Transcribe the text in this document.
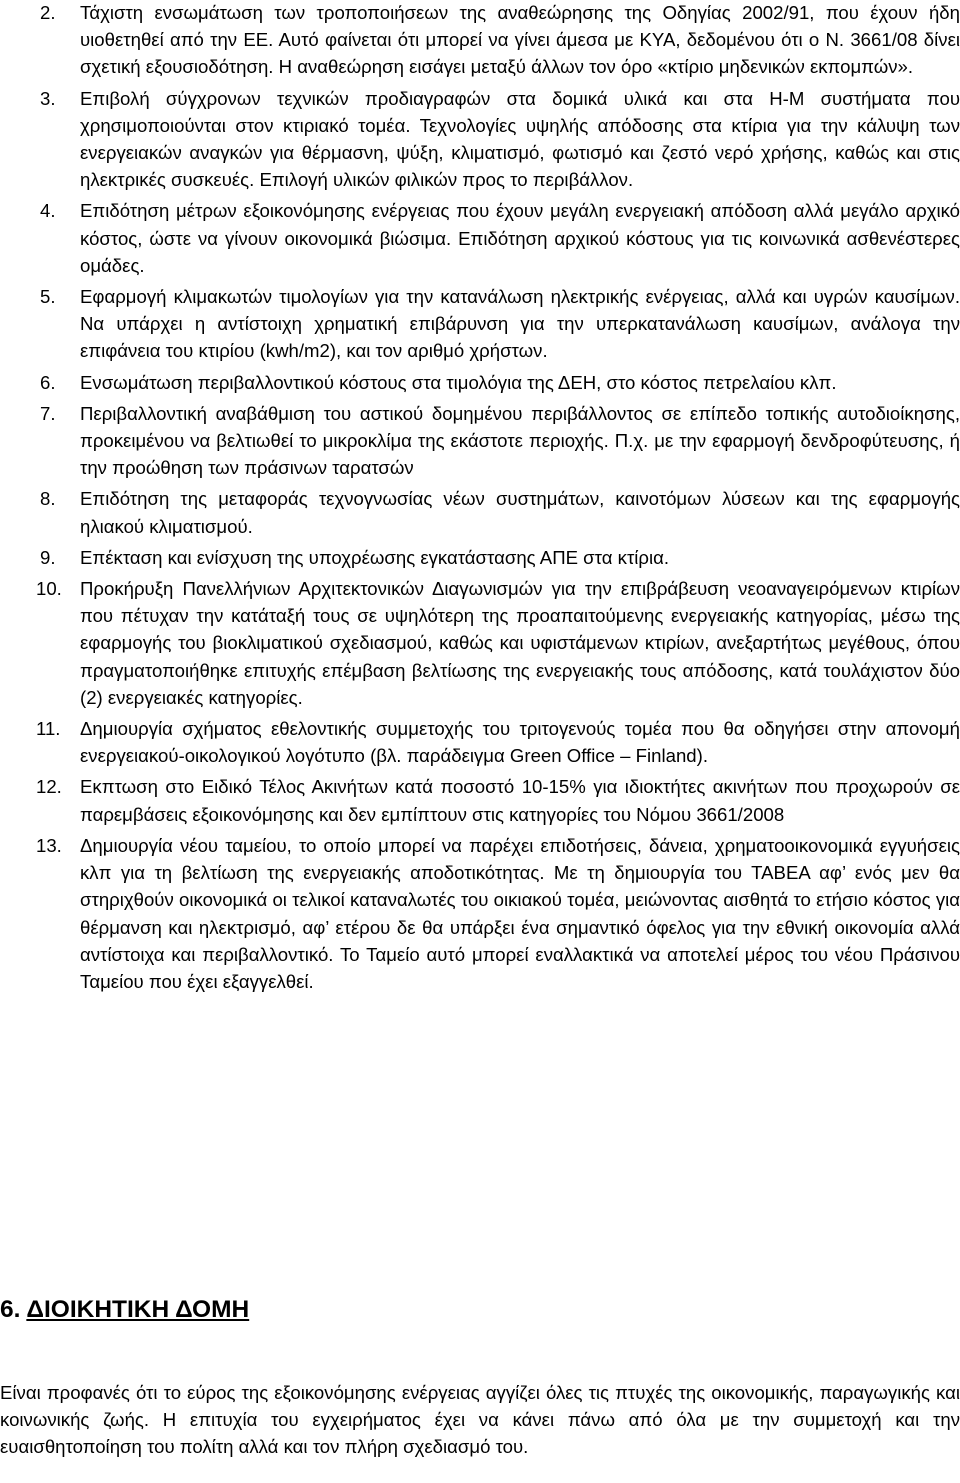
2. Τάχιστη ενσωμάτωση των τροποποιήσεων της αναθεώρησης της Οδηγίας 2002/91, που έχουν ήδη υιοθετηθεί από την ΕΕ. Αυτό φαίνεται ότι μπορεί να γίνει άμεσα με ΚΥΑ, δεδομένου ότι ο Ν. 3661/08 δίνει σχετική εξουσιοδότηση. Η αναθεώρηση εισάγει μεταξύ άλλων τον όρο «κτίριο μηδενικών εκπομπών».
3. Επιβολή σύγχρονων τεχνικών προδιαγραφών στα δομικά υλικά και στα Η-Μ συστήματα που χρησιμοποιούνται στον κτιριακό τομέα. Τεχνολογίες υψηλής απόδοσης στα κτίρια για την κάλυψη των ενεργειακών αναγκών για θέρμασνη, ψύξη, κλιματισμό, φωτισμό και ζεστό νερό χρήσης, καθώς και στις ηλεκτρικές συσκευές. Επιλογή υλικών φιλικών προς το περιβάλλον.
4. Επιδότηση μέτρων εξοικονόμησης ενέργειας που έχουν μεγάλη ενεργειακή απόδοση αλλά μεγάλο αρχικό κόστος, ώστε να γίνουν οικονομικά βιώσιμα. Επιδότηση αρχικού κόστους για τις κοινωνικά ασθενέστερες ομάδες.
5. Εφαρμογή κλιμακωτών τιμολογίων για την κατανάλωση ηλεκτρικής ενέργειας, αλλά και υγρών καυσίμων. Να υπάρχει η αντίστοιχη χρηματική επιβάρυνση για την υπερκατανάλωση καυσίμων, ανάλογα την επιφάνεια του κτιρίου (kwh/m2), και τον αριθμό χρήστων.
6. Ενσωμάτωση περιβαλλοντικού κόστους στα τιμολόγια της ΔΕΗ, στο κόστος πετρελαίου κλπ.
7. Περιβαλλοντική αναβάθμιση του αστικού δομημένου περιβάλλοντος σε επίπεδο τοπικής αυτοδιοίκησης, προκειμένου να βελτιωθεί το μικροκλίμα της εκάστοτε περιοχής. Π.χ. με την εφαρμογή δενδροφύτευσης, ή την προώθηση των πράσινων ταρατσών
8. Επιδότηση της μεταφοράς τεχνογνωσίας νέων συστημάτων, καινοτόμων λύσεων και της εφαρμογής ηλιακού κλιματισμού.
9. Επέκταση και ενίσχυση της υποχρέωσης εγκατάστασης ΑΠΕ στα κτίρια.
10. Προκήρυξη Πανελλήνιων Αρχιτεκτονικών Διαγωνισμών για την επιβράβευση νεοαναγειρόμενων κτιρίων που πέτυχαν την κατάταξή τους σε υψηλότερη της προαπαιτούμενης ενεργειακής κατηγορίας, μέσω της εφαρμογής του βιοκλιματικού σχεδιασμού, καθώς και υφιστάμενων κτιρίων, ανεξαρτήτως μεγέθους, όπου πραγματοποιήθηκε επιτυχής επέμβαση βελτίωσης της ενεργειακής τους απόδοσης, κατά τουλάχιστον δύο (2) ενεργειακές κατηγορίες.
11. Δημιουργία σχήματος εθελοντικής συμμετοχής του τριτογενούς τομέα που θα οδηγήσει στην απονομή ενεργειακού-οικολογικού λογότυπο (βλ. παράδειγμα Green Office – Finland).
12. Εκπτωση στο Ειδικό Τέλος Ακινήτων κατά ποσοστό 10-15% για ιδιοκτήτες ακινήτων που προχωρούν σε παρεμβάσεις εξοικονόμησης και δεν εμπίπτουν στις κατηγορίες του Νόμου 3661/2008
13. Δημιουργία νέου ταμείου, το οποίο μπορεί να παρέχει επιδοτήσεις, δάνεια, χρηματοοικονομικά εγγυήσεις κλπ για τη βελτίωση της ενεργειακής αποδοτικότητας. Με τη δημιουργία του ΤΑΒΕΑ αφ’ ενός μεν θα στηριχθούν οικονομικά οι τελικοί καταναλωτές του οικιακού τομέα, μειώνοντας αισθητά το ετήσιο κόστος για θέρμανση και ηλεκτρισμό, αφ’ ετέρου δε θα υπάρξει ένα σημαντικό όφελος για την εθνική οικονομία αλλά αντίστοιχα και περιβαλλοντικό. Το Ταμείο αυτό μπορεί εναλλακτικά να αποτελεί μέρος του νέου Πράσινου Ταμείου που έχει εξαγγελθεί.
6. ΔΙΟΙΚΗΤΙΚΗ ΔΟΜΗ

Είναι προφανές ότι το εύρος της εξοικονόμησης ενέργειας αγγίζει όλες τις πτυχές της οικονομικής, παραγωγικής και κοινωνικής ζωής. Η επιτυχία του εγχειρήματος έχει να κάνει πάνω από όλα με την συμμετοχή και την ευαισθητοποίηση του πολίτη αλλά και τον πλήρη σχεδιασμό του.
